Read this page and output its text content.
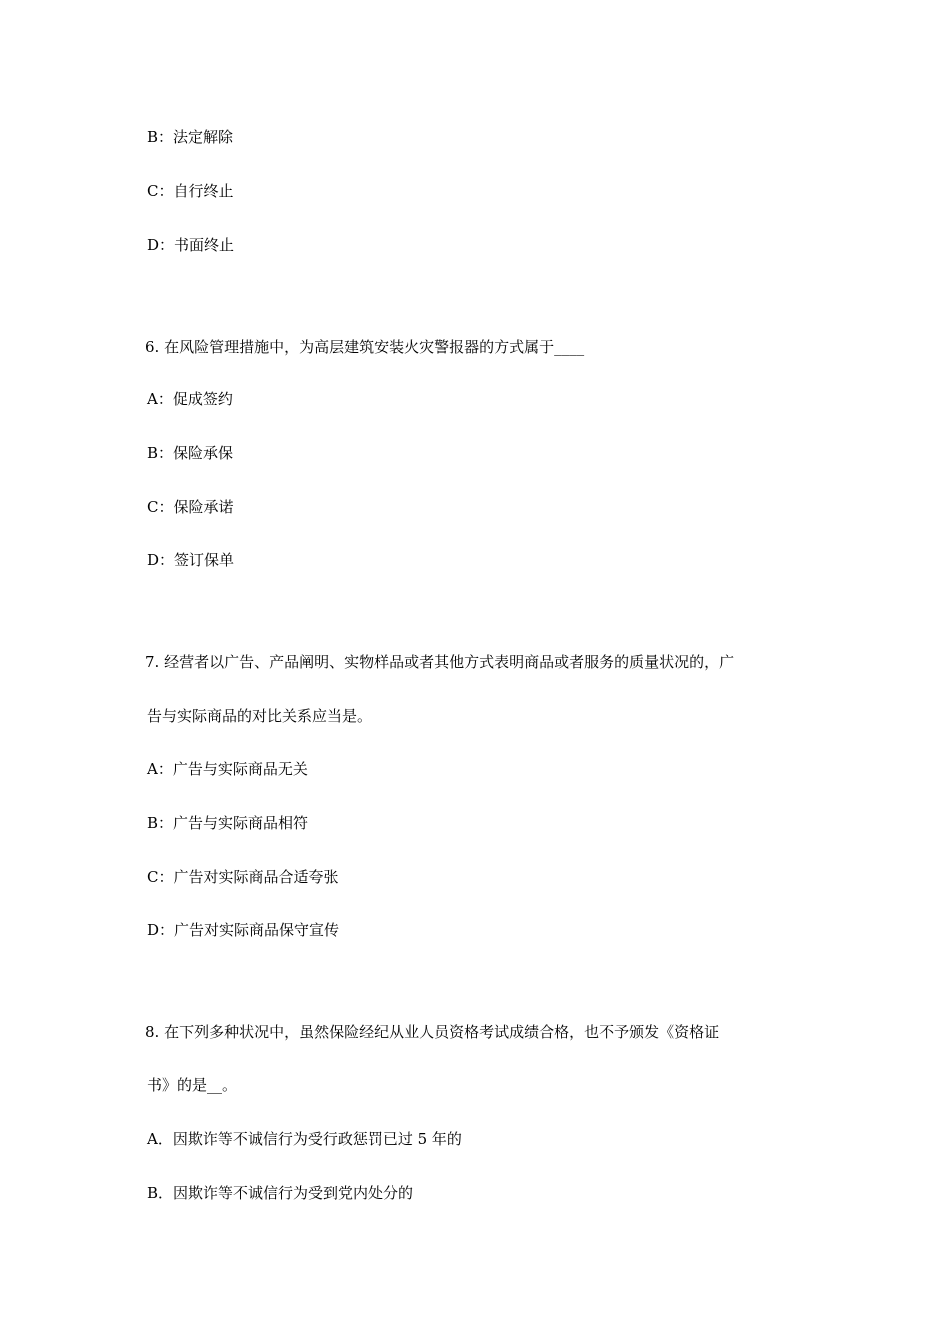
B：法定解除
C：自行终止
D：书面终止
6. 在风险管理措施中，为高层建筑安装火灾警报器的方式属于____
A：促成签约
B：保险承保
C：保险承诺
D：签订保单
7. 经营者以广告、产品阐明、实物样品或者其他方式表明商品或者服务的质量状况的，广
告与实际商品的对比关系应当是。
A：广告与实际商品无关
B：广告与实际商品相符
C：广告对实际商品合适夸张
D：广告对实际商品保守宣传
8. 在下列多种状况中，虽然保险经纪从业人员资格考试成绩合格，也不予颁发《资格证
书》的是__。
A．因欺诈等不诚信行为受行政惩罚已过 5 年的
B．因欺诈等不诚信行为受到党内处分的
